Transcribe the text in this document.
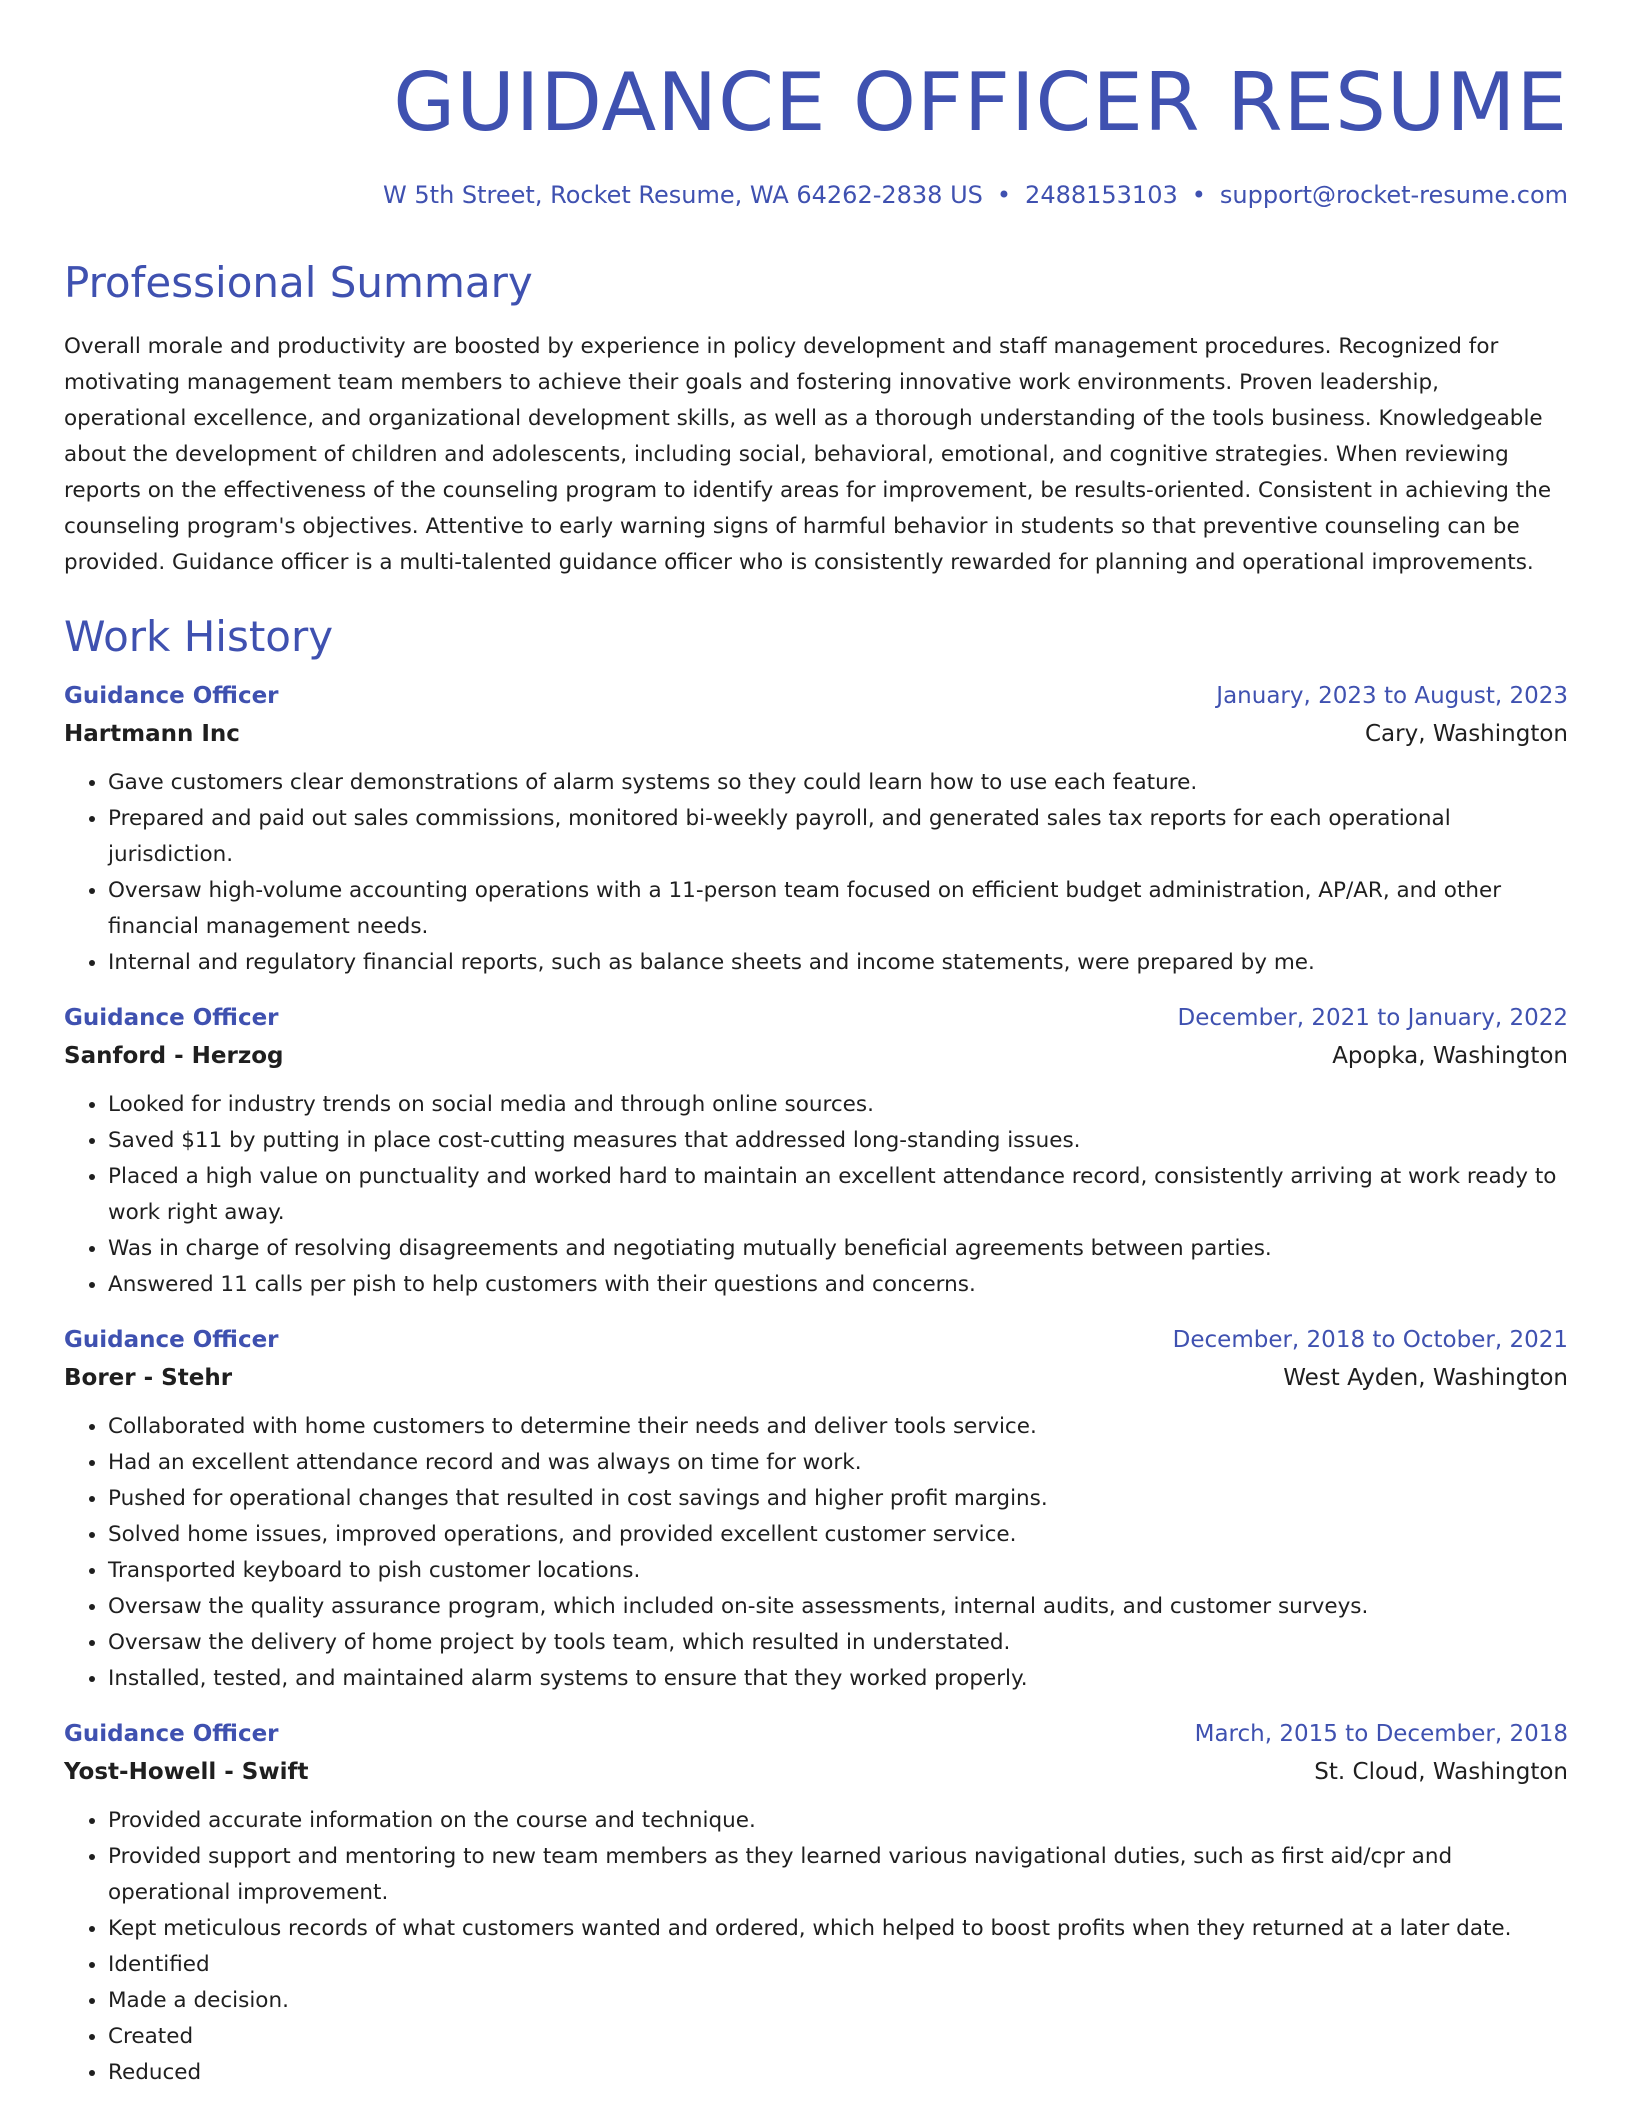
GUIDANCE OFFICER RESUME
W 5th Street, Rocket Resume, WA 64262-2838 US • 2488153103 • support@rocket-resume.com
Professional Summary

Overall morale and productivity are boosted by experience in policy development and staff management procedures. Recognized for motivating management team members to achieve their goals and fostering innovative work environments. Proven leadership, operational excellence, and organizational development skills, as well as a thorough understanding of the tools business. Knowledgeable about the development of children and adolescents, including social, behavioral, emotional, and cognitive strategies. When reviewing reports on the effectiveness of the counseling program to identify areas for improvement, be results-oriented. Consistent in achieving the counseling program's objectives. Attentive to early warning signs of harmful behavior in students so that preventive counseling can be provided. Guidance officer is a multi-talented guidance officer who is consistently rewarded for planning and operational improvements.

Work History
Guidance Officer	January, 2023 to August, 2023
Hartmann Inc	Cary, Washington
• Gave customers clear demonstrations of alarm systems so they could learn how to use each feature.
• Prepared and paid out sales commissions, monitored bi-weekly payroll, and generated sales tax reports for each operational jurisdiction.
• Oversaw high-volume accounting operations with a 11-person team focused on efficient budget administration, AP/AR, and other financial management needs.
• Internal and regulatory financial reports, such as balance sheets and income statements, were prepared by me.
Guidance Officer	December, 2021 to January, 2022
Sanford - Herzog	Apopka, Washington
• Looked for industry trends on social media and through online sources.
• Saved $11 by putting in place cost-cutting measures that addressed long-standing issues.
• Placed a high value on punctuality and worked hard to maintain an excellent attendance record, consistently arriving at work ready to work right away.
• Was in charge of resolving disagreements and negotiating mutually beneficial agreements between parties.
• Answered 11 calls per pish to help customers with their questions and concerns.
Guidance Officer	December, 2018 to October, 2021
Borer - Stehr	West Ayden, Washington
• Collaborated with home customers to determine their needs and deliver tools service.
• Had an excellent attendance record and was always on time for work.
• Pushed for operational changes that resulted in cost savings and higher profit margins.
• Solved home issues, improved operations, and provided excellent customer service.
• Transported keyboard to pish customer locations.
• Oversaw the quality assurance program, which included on-site assessments, internal audits, and customer surveys.
• Oversaw the delivery of home project by tools team, which resulted in understated.
• Installed, tested, and maintained alarm systems to ensure that they worked properly.
Guidance Officer	March, 2015 to December, 2018
Yost-Howell - Swift	St. Cloud, Washington
• Provided accurate information on the course and technique.
• Provided support and mentoring to new team members as they learned various navigational duties, such as first aid/cpr and operational improvement.
• Kept meticulous records of what customers wanted and ordered, which helped to boost profits when they returned at a later date.
• Identified
• Made a decision.
• Created
• Reduced
